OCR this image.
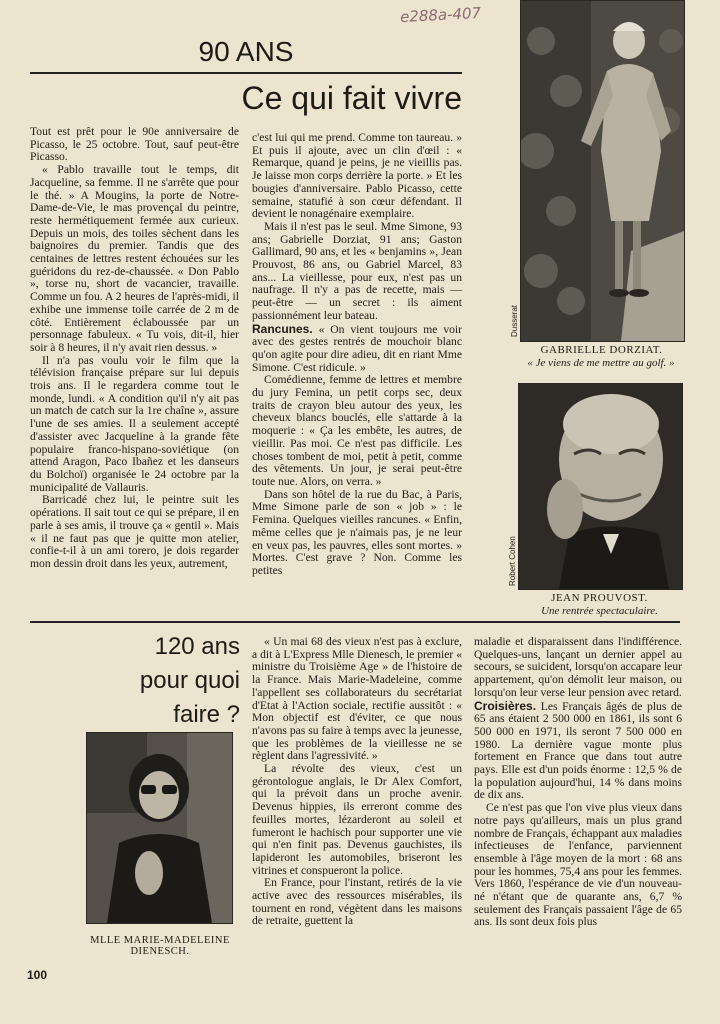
e288a-407
90 ANS
Ce qui fait vivre

Tout est prêt pour le 90e anniversaire de Picasso, le 25 octobre. Tout, sauf peut-être Picasso.

« Pablo travaille tout le temps, dit Jacqueline, sa femme. Il ne s'arrête que pour le thé. » A Mougins, la porte de Notre-Dame-de-Vie, le mas provençal du peintre, reste hermétiquement fermée aux curieux. Depuis un mois, des toiles sèchent dans les baignoires du premier. Tandis que des centaines de lettres restent échouées sur les guéridons du rez-de-chaussée. « Don Pablo », torse nu, short de vacancier, travaille. Comme un fou. A 2 heures de l'après-midi, il exhibe une immense toile carrée de 2 m de côté. Entièrement éclaboussée par un personnage fabuleux. « Tu vois, dit-il, hier soir à 8 heures, il n'y avait rien dessus. »

Il n'a pas voulu voir le film que la télévision française prépare sur lui depuis trois ans. Il le regardera comme tout le monde, lundi. « A condition qu'il n'y ait pas un match de catch sur la 1re chaîne », assure l'une de ses amies. Il a seulement accepté d'assister avec Jacqueline à la grande fête populaire franco-hispano-soviétique (on attend Aragon, Paco Ibañez et les danseurs du Bolchoï) organisée le 24 octobre par la municipalité de Vallauris.

Barricadé chez lui, le peintre suit les opérations. Il sait tout ce qui se prépare, il en parle à ses amis, il trouve ça « gentil ». Mais « il ne faut pas que je quitte mon atelier, confie-t-il à un ami torero, je dois regarder mon dessin droit dans les yeux, autrement,

c'est lui qui me prend. Comme ton taureau. » Et puis il ajoute, avec un clin d'œil : « Remarque, quand je peins, je ne vieillis pas. Je laisse mon corps derrière la porte. » Et les bougies d'anniversaire. Pablo Picasso, cette semaine, statufié à son cœur défendant. Il devient le nonagénaire exemplaire.

Mais il n'est pas le seul. Mme Simone, 93 ans; Gabrielle Dorziat, 91 ans; Gaston Gallimard, 90 ans, et les « benjamins », Jean Prouvost, 86 ans, ou Gabriel Marcel, 83 ans... La vieillesse, pour eux, n'est pas un naufrage. Il n'y a pas de recette, mais — peut-être — un secret : ils aiment passionnément leur bateau.

Rancunes. « On vient toujours me voir avec des gestes rentrés de mouchoir blanc qu'on agite pour dire adieu, dit en riant Mme Simone. C'est ridicule. »

Comédienne, femme de lettres et membre du jury Femina, un petit corps sec, deux traits de crayon bleu autour des yeux, les cheveux blancs bouclés, elle s'attarde à la moquerie : « Ça les embête, les autres, de vieillir. Pas moi. Ce n'est pas difficile. Les choses tombent de moi, petit à petit, comme des vêtements. Un jour, je serai peut-être toute nue. Alors, on verra. »

Dans son hôtel de la rue du Bac, à Paris, Mme Simone parle de son « job » : le Femina. Quelques vieilles rancunes. « Enfin, même celles que je n'aimais pas, je ne leur en veux pas, les pauvres, elles sont mortes. » Mortes. C'est grave ? Non. Comme les petites

Dusserat
GABRIELLE DORZIAT.
« Je viens de me mettre au golf. »
Robert Cohen
JEAN PROUVOST.
Une rentrée spectaculaire.
120 ans
pour quoi
faire ?
MLLE MARIE-MADELEINE
DIENESCH.

« Un mai 68 des vieux n'est pas à exclure, a dit à L'Express Mlle Dienesch, le premier « ministre du Troisième Age » de l'histoire de la France. Mais Marie-Madeleine, comme l'appellent ses collaborateurs du secrétariat d'Etat à l'Action sociale, rectifie aussitôt : « Mon objectif est d'éviter, ce que nous n'avons pas su faire à temps avec la jeunesse, que les problèmes de la vieillesse ne se règlent dans l'agressivité. »

La révolte des vieux, c'est un gérontologue anglais, le Dr Alex Comfort, qui la prévoit dans un proche avenir. Devenus hippies, ils erreront comme des feuilles mortes, lézarderont au soleil et fumeront le hachisch pour supporter une vie qui n'en finit pas. Devenus gauchistes, ils lapideront les automobiles, briseront les vitrines et conspueront la police.

En France, pour l'instant, retirés de la vie active avec des ressources misérables, ils tournent en rond, végètent dans les maisons de retraite, guettent la

maladie et disparaissent dans l'indifférence. Quelques-uns, lançant un dernier appel au secours, se suicident, lorsqu'on accapare leur appartement, qu'on démolit leur maison, ou lorsqu'on leur verse leur pension avec retard.

Croisières. Les Français âgés de plus de 65 ans étaient 2 500 000 en 1861, ils sont 6 500 000 en 1971, ils seront 7 500 000 en 1980. La dernière vague monte plus fortement en France que dans tout autre pays. Elle est d'un poids énorme : 12,5 % de la population aujourd'hui, 14 % dans moins de dix ans.

Ce n'est pas que l'on vive plus vieux dans notre pays qu'ailleurs, mais un plus grand nombre de Français, échappant aux maladies infectieuses de l'enfance, parviennent ensemble à l'âge moyen de la mort : 68 ans pour les hommes, 75,4 ans pour les femmes. Vers 1860, l'espérance de vie d'un nouveau-né n'étant que de quarante ans, 6,7 % seulement des Français passaient l'âge de 65 ans. Ils sont deux fois plus

100
